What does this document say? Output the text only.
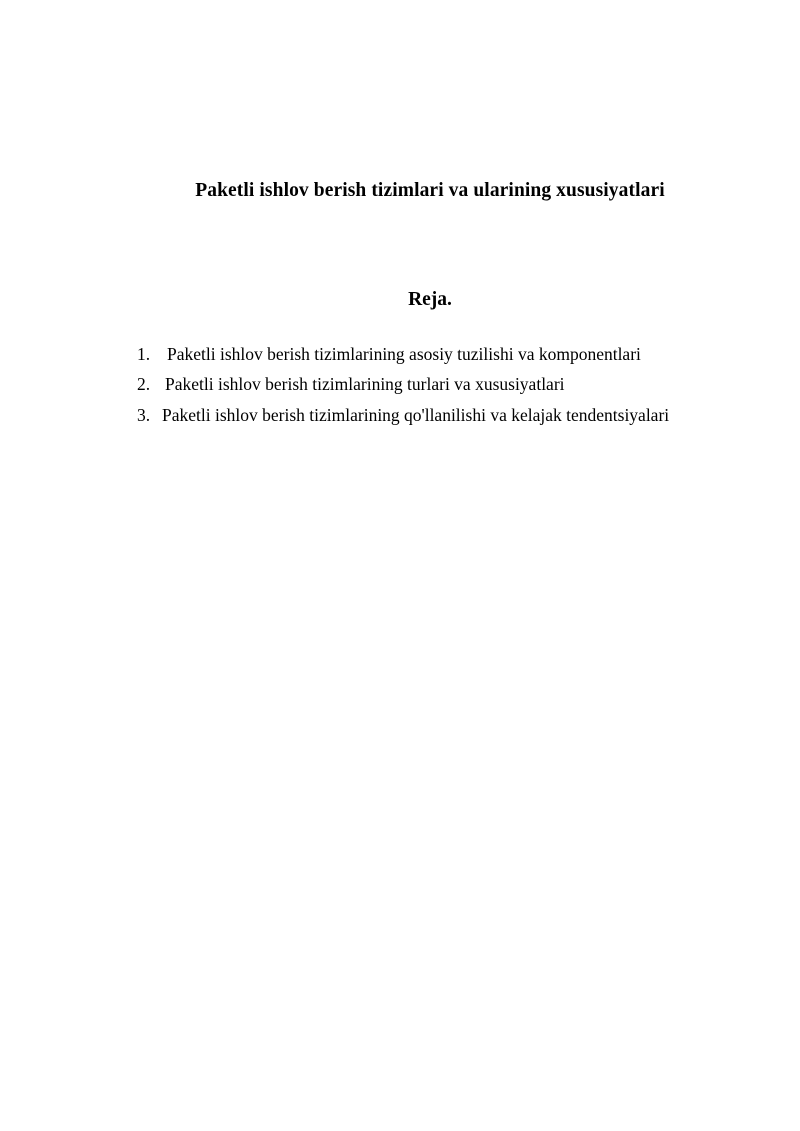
Paketli ishlov berish tizimlari va ularining xususiyatlari
Reja.
1. Paketli ishlov berish tizimlarining asosiy tuzilishi va komponentlari
2. Paketli ishlov berish tizimlarining turlari va xususiyatlari
3. Paketli ishlov berish tizimlarining qo'llanilishi va kelajak tendentsiyalari
